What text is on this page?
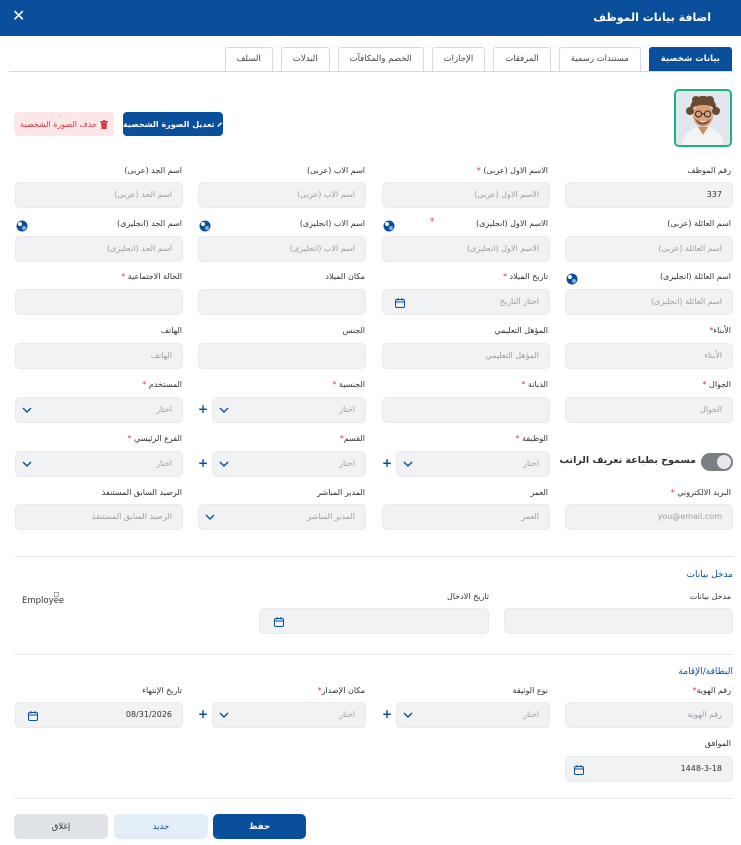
✕	اضافة بيانات الموظف
بيانات شخصية
مستندات رسمية
المرفقات
الإجازات
الخصم والمكافآت
البدلات
السلف
تعديل الصورة الشخصية
حذف الصورة الشخصية
رقم الموظف
337
الاسم الاول (عربى) *
الاسم الاول (عربى)
اسم الاب (عربى)
اسم الاب (عربى)
اسم الجد (عربى)
اسم الجد (عربى)
اسم العائلة (عربى)
اسم العائلة (عربى)
الاسم الاول (انجليزى)
*
الاسم الاول (انجليزى)
اسم الاب (انجليزى)
اسم الاب (انجليزى)
اسم الجد (انجليزى)
اسم الجد (انجليزى)
اسم العائلة (انجليزى)
اسم العائلة (انجليزى)
تاريخ الميلاد *
اختار التاريخ
مكان الميلاد
الحالة الاجتماعية *
الأبناء*
الأبناء
المؤهل التعليمي
المؤهل التعليمي
الجنس
الهاتف
الهاتف
الجوال *
الجوال
الديانة *
الجنسية *
اختار
+
المستخدم *
اختار
مسموح بطباعة تعريف الراتب
الوظيفة *
اختار
+
القسم*
اختار
+
الفرع الرئيسي *
اختار
البريد الالكتروني *
you@email.com
العمر
العمر
المدير المباشر
المدير المباشر
الرصيد السابق المستنفذ
الرصيد السابق المستنفذ
مدخل بيانات
مدخل بيانات
تاريخ الادخال
Employee
البطاقة/الإقامة
رقم الهوية*
رقم الهوية
نوع الوثيقة
اختار
+
مكان الإصدار*
اختار
+
تاريخ الإنتهاء
08/31/2026
الموافق
1448-3-18
حفظ
جديد
إغلاق
